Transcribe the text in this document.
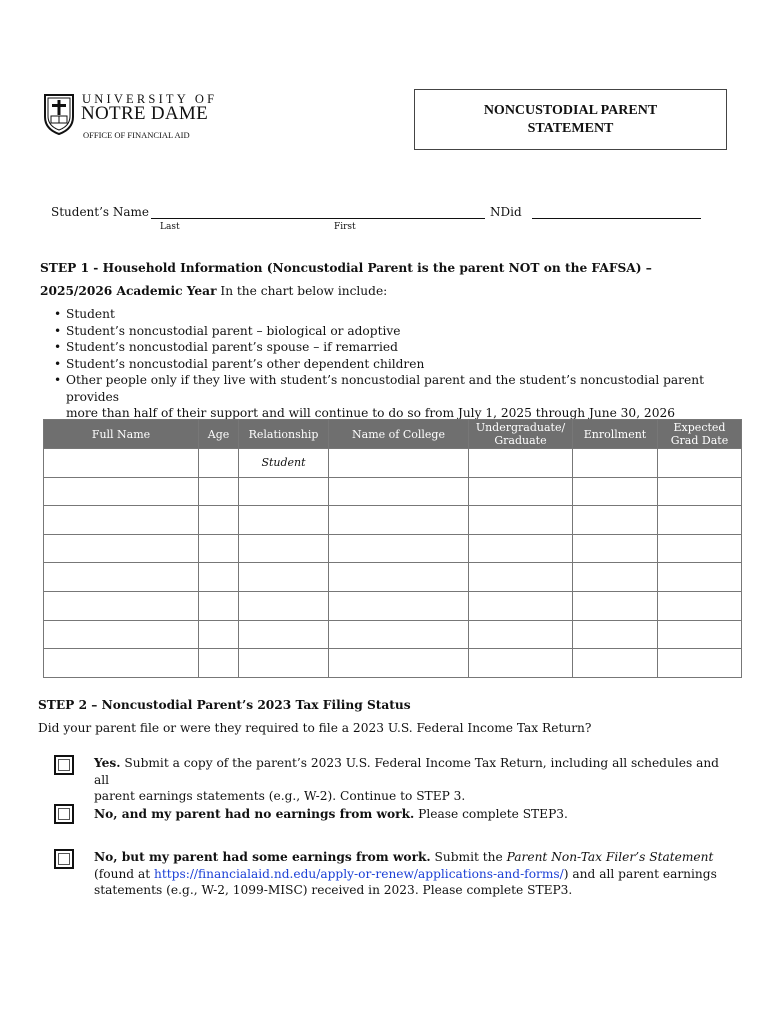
UNIVERSITY OF
NOTRE DAME
OFFICE OF FINANCIAL AID
NONCUSTODIAL PARENT
STATEMENT
Student’s Name
Last	First
NDid
STEP 1 - Household Information (Noncustodial Parent is the parent NOT on the FAFSA) –
2025/2026 Academic Year In the chart below include:
• Student
• Student’s noncustodial parent – biological or adoptive
• Student’s noncustodial parent’s spouse – if remarried
• Student’s noncustodial parent’s other dependent children
• Other people only if they live with student’s noncustodial parent and the student’s noncustodial parent provides
more than half of their support and will continue to do so from July 1, 2025 through June 30, 2026
Full Name	Age	Relationship	Name of College	Undergraduate/ Graduate	Enrollment	Expected Grad Date
		Student				

STEP 2 – Noncustodial Parent’s 2023 Tax Filing Status
Did your parent file or were they required to file a 2023 U.S. Federal Income Tax Return?
Yes. Submit a copy of the parent’s 2023 U.S. Federal Income Tax Return, including all schedules and all
parent earnings statements (e.g., W-2). Continue to STEP 3.
No, and my parent had no earnings from work. Please complete STEP3.
No, but my parent had some earnings from work. Submit the Parent Non-Tax Filer’s Statement
(found at https://financialaid.nd.edu/apply-or-renew/applications-and-forms/) and all parent earnings
statements (e.g., W-2, 1099-MISC) received in 2023. Please complete STEP3.
